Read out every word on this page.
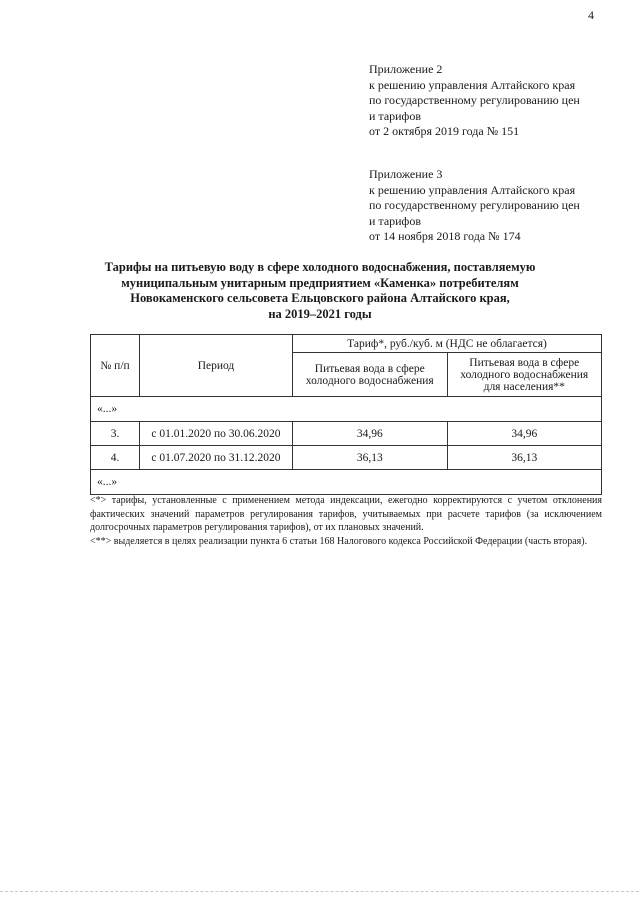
4
Приложение 2
к решению управления Алтайского края
по государственному регулированию цен
и тарифов
от 2 октября 2019 года № 151
Приложение 3
к решению управления Алтайского края
по государственному регулированию цен
и тарифов
от 14 ноября 2018 года № 174
Тарифы на питьевую воду в сфере холодного водоснабжения, поставляемую
муниципальным унитарным предприятием «Каменка» потребителям
Новокаменского сельсовета Ельцовского района Алтайского края,
на 2019–2021 годы
№ п/п	Период	Тариф*, руб./куб. м (НДС не облагается)	
		Питьевая вода в сфере холодного водоснабжения	Питьевая вода в сфере холодного водоснабжения для населения**
«...»			
3.	с 01.01.2020 по 30.06.2020	34,96	34,96
4.	с 01.07.2020 по 31.12.2020	36,13	36,13
«...»			

<*> тарифы, установленные с применением метода индексации, ежегодно корректируются с учетом отклонения фактических значений параметров регулирования тарифов, учитываемых при расчете тарифов (за исключением долгосрочных параметров регулирования тарифов), от их плановых значений.

<**> выделяется в целях реализации пункта 6 статьи 168 Налогового кодекса Российской Федерации (часть вторая).
